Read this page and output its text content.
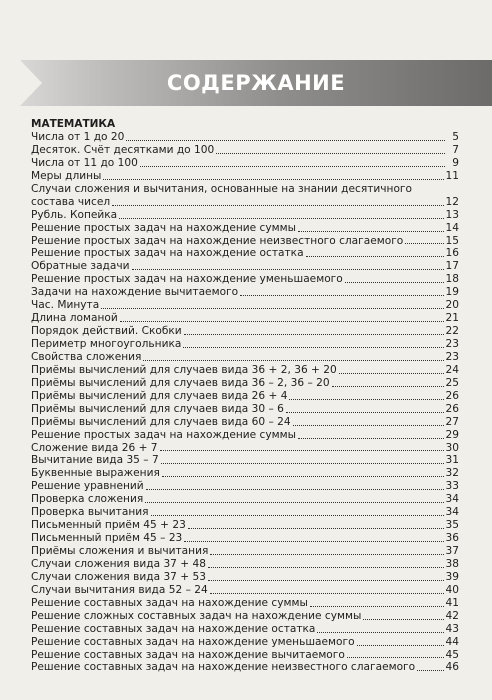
СОДЕРЖАНИЕ
МАТЕМАТИКА
Числа от 1 до 20	5
Десяток. Счёт десятками до 100	7
Числа от 11 до 100	9
Меры длины	11
Случаи сложения и вычитания, основанные на знании десятичного
состава чисел	12
Рубль. Копейка	13
Решение простых задач на нахождение суммы	14
Решение простых задач на нахождение неизвестного слагаемого	15
Решение простых задач на нахождение остатка	16
Обратные задачи	17
Решение простых задач на нахождение уменьшаемого	18
Задачи на нахождение вычитаемого	19
Час. Минута	20
Длина ломаной	21
Порядок действий. Скобки	22
Периметр многоугольника	23
Свойства сложения	23
Приёмы вычислений для случаев вида 36 + 2, 36 + 20	24
Приёмы вычислений для случаев вида 36 – 2, 36 – 20	25
Приёмы вычислений для случаев вида 26 + 4	26
Приёмы вычислений для случаев вида 30 – 6	26
Приёмы вычислений для случаев вида 60 – 24	27
Решение простых задач на нахождение суммы	29
Сложение вида 26 + 7	30
Вычитание вида 35 – 7	31
Буквенные выражения	32
Решение уравнений	33
Проверка сложения	34
Проверка вычитания	34
Письменный приём 45 + 23	35
Письменный приём 45 – 23	36
Приёмы сложения и вычитания	37
Случаи сложения вида 37 + 48	38
Случаи сложения вида 37 + 53	39
Случаи вычитания вида 52 – 24	40
Решение составных задач на нахождение суммы	41
Решение сложных составных задач на нахождение суммы	42
Решение составных задач на нахождение остатка	43
Решение составных задач на нахождение уменьшаемого	44
Решение составных задач на нахождение вычитаемого	45
Решение составных задач на нахождение неизвестного слагаемого	46
